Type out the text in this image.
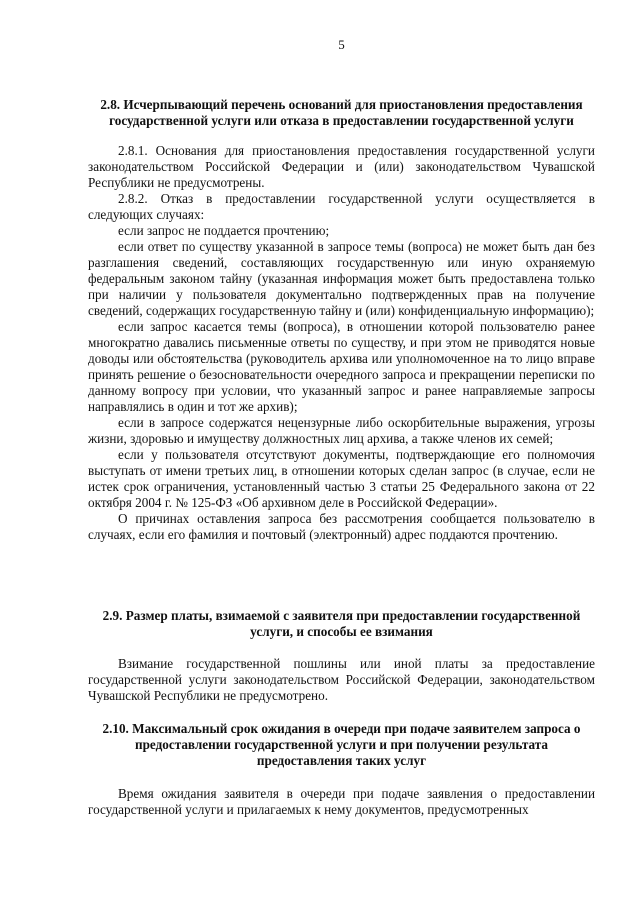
5
2.8. Исчерпывающий перечень оснований для приостановления предоставления государственной услуги или отказа в предоставлении государственной услуги

2.8.1. Основания для приостановления предоставления государственной услуги законодательством Российской Федерации и (или) законодательством Чувашской Республики не предусмотрены.

2.8.2. Отказ в предоставлении государственной услуги осуществляется в следующих случаях:

если запрос не поддается прочтению;

если ответ по существу указанной в запросе темы (вопроса) не может быть дан без разглашения сведений, составляющих государственную или иную охраняемую федеральным законом тайну (указанная информация может быть предоставлена только при наличии у пользователя документально подтвержденных прав на получение сведений, содержащих государственную тайну и (или) конфиденциальную информацию);

если запрос касается темы (вопроса), в отношении которой пользователю ранее многократно давались письменные ответы по существу, и при этом не приводятся новые доводы или обстоятельства (руководитель архива или уполномоченное на то лицо вправе принять решение о безосновательности очередного запроса и прекращении переписки по данному вопросу при условии, что указанный запрос и ранее направляемые запросы направлялись в один и тот же архив);

если в запросе содержатся нецензурные либо оскорбительные выражения, угрозы жизни, здоровью и имуществу должностных лиц архива, а также членов их семей;

если у пользователя отсутствуют документы, подтверждающие его полномочия выступать от имени третьих лиц, в отношении которых сделан запрос (в случае, если не истек срок ограничения, установленный частью 3 статьи 25 Федерального закона от 22 октября 2004 г. № 125-ФЗ «Об архивном деле в Российской Федерации».

О причинах оставления запроса без рассмотрения сообщается пользователю в случаях, если его фамилия и почтовый (электронный) адрес поддаются прочтению.

2.9. Размер платы, взимаемой с заявителя при предоставлении государственной услуги, и способы ее взимания

Взимание государственной пошлины или иной платы за предоставление государственной услуги законодательством Российской Федерации, законодательством Чувашской Республики не предусмотрено.

2.10. Максимальный срок ожидания в очереди при подаче заявителем запроса о предоставлении государственной услуги и при получении результата предоставления таких услуг

Время ожидания заявителя в очереди при подаче заявления о предоставлении государственной услуги и прилагаемых к нему документов, предусмотренных
